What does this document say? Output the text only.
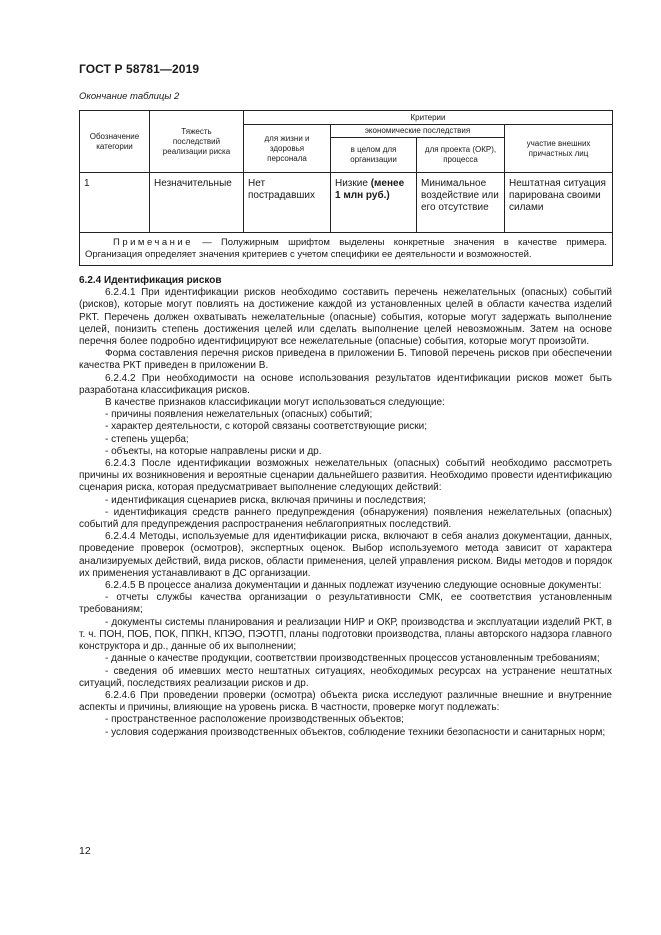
ГОСТ Р 58781—2019
Окончание таблицы 2
Обозначение категории	Тяжесть последствий реализации риска	Критерии			
		для жизни и здоровья персонала	экономические последствия		участие внешних причастных лиц
			в целом для организации	для проекта (ОКР), процесса	
1	Незначительные	Нет пострадавших	Низкие (менее 1 млн руб.)	Минимальное воздействие или его отсутствие	Нештатная ситуация парирована своими силами
Примечание — Полужирным шрифтом выделены конкретные значения в качестве примера. Организация определяет значения критериев с учетом специфики ее деятельности и возможностей.					

6.2.4 Идентификация рисков

6.2.4.1 При идентификации рисков необходимо составить перечень нежелательных (опасных) событий (рисков), которые могут повлиять на достижение каждой из установленных целей в области качества изделий РКТ. Перечень должен охватывать нежелательные (опасные) события, которые могут задержать выполнение целей, понизить степень достижения целей или сделать выполнение целей невозможным. Затем на основе перечня более подробно идентифицируют все нежелательные (опасные) события, которые могут произойти.

Форма составления перечня рисков приведена в приложении Б. Типовой перечень рисков при обеспечении качества РКТ приведен в приложении В.

6.2.4.2 При необходимости на основе использования результатов идентификации рисков может быть разработана классификация рисков.

В качестве признаков классификации могут использоваться следующие:

- причины появления нежелательных (опасных) событий;

- характер деятельности, с которой связаны соответствующие риски;

- степень ущерба;

- объекты, на которые направлены риски и др.

6.2.4.3 После идентификации возможных нежелательных (опасных) событий необходимо рассмотреть причины их возникновения и вероятные сценарии дальнейшего развития. Необходимо провести идентификацию сценария риска, которая предусматривает выполнение следующих действий:

- идентификация сценариев риска, включая причины и последствия;

- идентификация средств раннего предупреждения (обнаружения) появления нежелательных (опасных) событий для предупреждения распространения неблагоприятных последствий.

6.2.4.4 Методы, используемые для идентификации риска, включают в себя анализ документации, данных, проведение проверок (осмотров), экспертных оценок. Выбор используемого метода зависит от характера анализируемых действий, вида рисков, области применения, целей управления риском. Виды методов и порядок их применения устанавливают в ДС организации.

6.2.4.5 В процессе анализа документации и данных подлежат изучению следующие основные документы:

- отчеты службы качества организации о результативности СМК, ее соответствия установленным требованиям;

- документы системы планирования и реализации НИР и ОКР, производства и эксплуатации изделий РКТ, в т. ч. ПОН, ПОБ, ПОК, ППКН, КПЭО, ПЭОТП, планы подготовки производства, планы авторского надзора главного конструктора и др., данные об их выполнении;

- данные о качестве продукции, соответствии производственных процессов установленным требованиям;

- сведения об имевших место нештатных ситуациях, необходимых ресурсах на устранение нештатных ситуаций, последствиях реализации рисков и др.

6.2.4.6 При проведении проверки (осмотра) объекта риска исследуют различные внешние и внутренние аспекты и причины, влияющие на уровень риска. В частности, проверке могут подлежать:

- пространственное расположение производственных объектов;

- условия содержания производственных объектов, соблюдение техники безопасности и санитарных норм;

12
